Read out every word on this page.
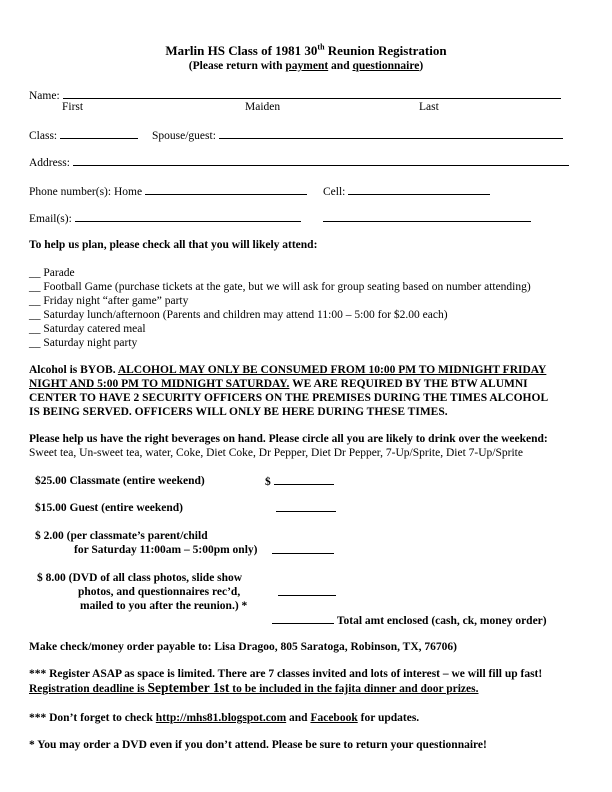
Marlin HS Class of 1981 30th Reunion Registration
(Please return with payment and questionnaire)
Name:
First	Maiden	Last
Class:	Spouse/guest:
Address:
Phone number(s): Home	Cell:
Email(s):
To help us plan, please check all that you will likely attend:
__ Parade
__ Football Game (purchase tickets at the gate, but we will ask for group seating based on number attending)
__ Friday night “after game” party
__ Saturday lunch/afternoon (Parents and children may attend 11:00 – 5:00 for $2.00 each)
__ Saturday catered meal
__ Saturday night party
Alcohol is BYOB. ALCOHOL MAY ONLY BE CONSUMED FROM 10:00 PM TO MIDNIGHT FRIDAY
NIGHT AND 5:00 PM TO MIDNIGHT SATURDAY. WE ARE REQUIRED BY THE BTW ALUMNI
CENTER TO HAVE 2 SECURITY OFFICERS ON THE PREMISES DURING THE TIMES ALCOHOL
IS BEING SERVED. OFFICERS WILL ONLY BE HERE DURING THESE TIMES.
Please help us have the right beverages on hand. Please circle all you are likely to drink over the weekend:
Sweet tea, Un-sweet tea, water, Coke, Diet Coke, Dr Pepper, Diet Dr Pepper, 7-Up/Sprite, Diet 7-Up/Sprite
$25.00 Classmate (entire weekend)	$
$15.00 Guest (entire weekend)
$ 2.00 (per classmate’s parent/child
for Saturday 11:00am – 5:00pm only)
$ 8.00 (DVD of all class photos, slide show
photos, and questionnaires rec’d,
mailed to you after the reunion.) *
Total amt enclosed (cash, ck, money order)
Make check/money order payable to: Lisa Dragoo, 805 Saratoga, Robinson, TX, 76706)
*** Register ASAP as space is limited. There are 7 classes invited and lots of interest – we will fill up fast!
Registration deadline is September 1st to be included in the fajita dinner and door prizes.
*** Don’t forget to check http://mhs81.blogspot.com and Facebook for updates.
* You may order a DVD even if you don’t attend. Please be sure to return your questionnaire!
